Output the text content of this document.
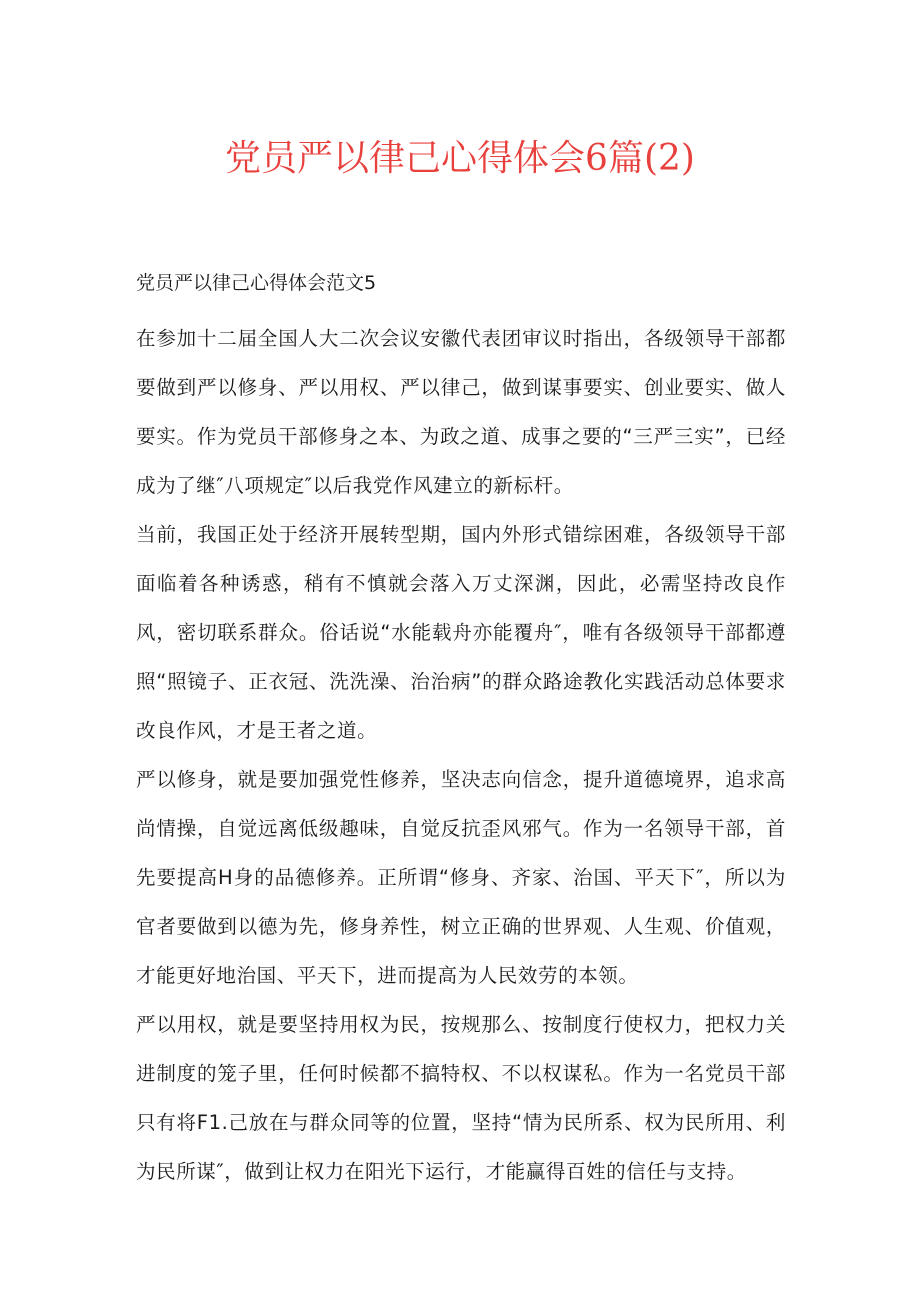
党员严以律己心得体会6篇(2)

党员严以律己心得体会范文5

在参加十二届全国人大二次会议安徽代表团审议时指出，各级领导干部都要做到严以修身、严以用权、严以律己，做到谋事要实、创业要实、做人要实。作为党员干部修身之本、为政之道、成事之要的“三严三实”，已经成为了继″八项规定″以后我党作风建立的新标杆。

当前，我国正处于经济开展转型期，国内外形式错综困难，各级领导干部面临着各种诱惑，稍有不慎就会落入万丈深渊，因此，必需坚持改良作风，密切联系群众。俗话说“水能载舟亦能覆舟″，唯有各级领导干部都遵照“照镜子、正衣冠、洗洗澡、治治病”的群众路途教化实践活动总体要求改良作风，才是王者之道。

严以修身，就是要加强党性修养，坚决志向信念，提升道德境界，追求高尚情操，自觉远离低级趣味，自觉反抗歪风邪气。作为一名领导干部，首先要提高H身的品德修养。正所谓“修身、齐家、治国、平天下″，所以为官者要做到以德为先，修身养性，树立正确的世界观、人生观、价值观，才能更好地治国、平天下，进而提高为人民效劳的本领。

严以用权，就是要坚持用权为民，按规那么、按制度行使权力，把权力关进制度的笼子里，任何时候都不搞特权、不以权谋私。作为一名党员干部只有将F1.己放在与群众同等的位置，坚持“情为民所系、权为民所用、利为民所谋″，做到让权力在阳光下运行，才能赢得百姓的信任与支持。
